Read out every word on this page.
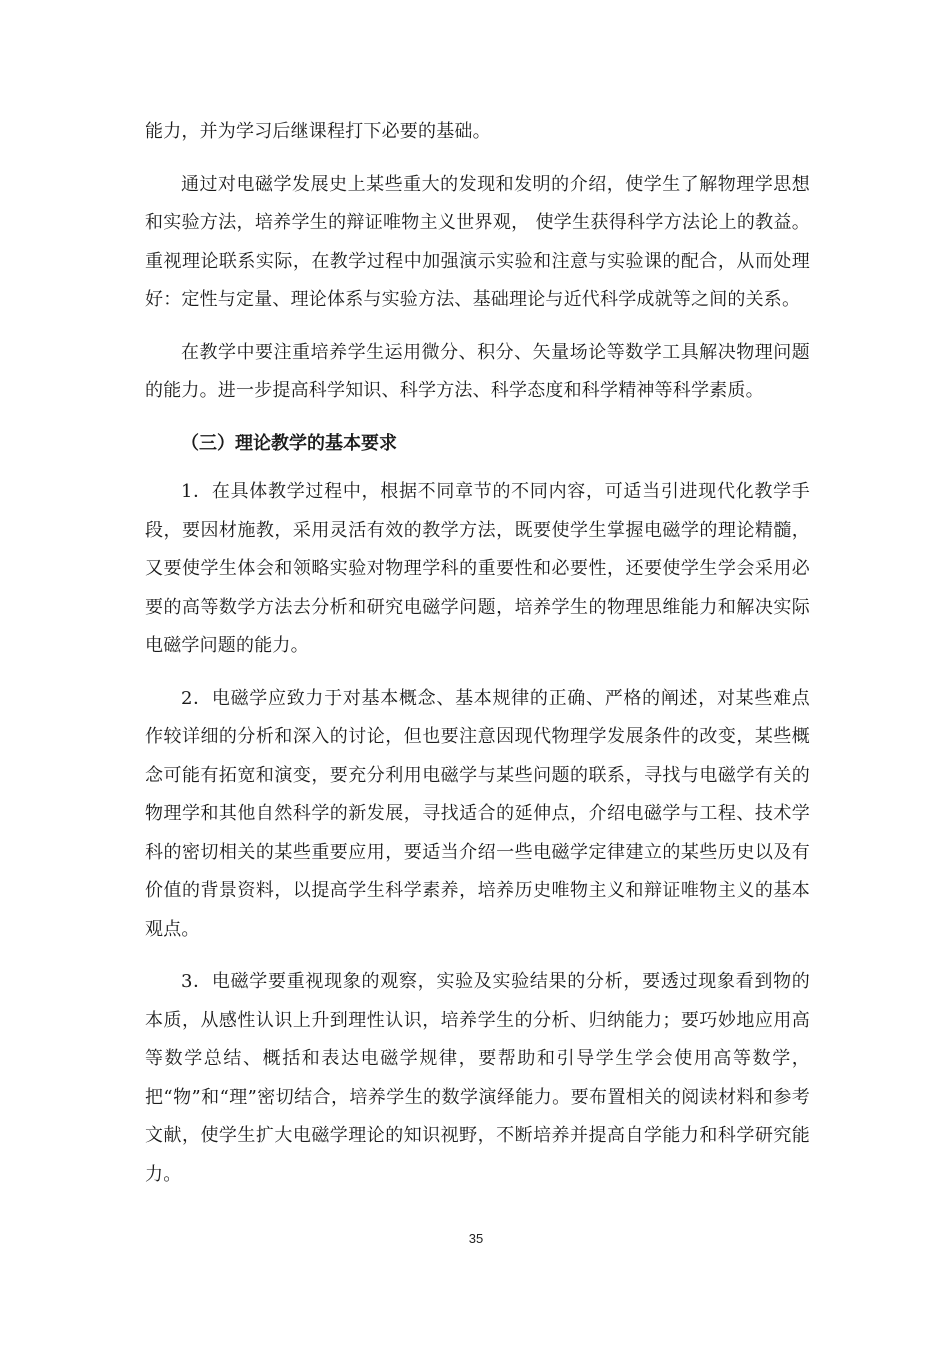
能力，并为学习后继课程打下必要的基础。

通过对电磁学发展史上某些重大的发现和发明的介绍，使学生了解物理学思想和实验方法，培养学生的辩证唯物主义世界观， 使学生获得科学方法论上的教益。重视理论联系实际，在教学过程中加强演示实验和注意与实验课的配合，从而处理好：定性与定量、理论体系与实验方法、基础理论与近代科学成就等之间的关系。

在教学中要注重培养学生运用微分、积分、矢量场论等数学工具解决物理问题的能力。进一步提高科学知识、科学方法、科学态度和科学精神等科学素质。

（三）理论教学的基本要求

1．在具体教学过程中，根据不同章节的不同内容，可适当引进现代化教学手段，要因材施教，采用灵活有效的教学方法，既要使学生掌握电磁学的理论精髓，又要使学生体会和领略实验对物理学科的重要性和必要性，还要使学生学会采用必要的高等数学方法去分析和研究电磁学问题，培养学生的物理思维能力和解决实际电磁学问题的能力。

2．电磁学应致力于对基本概念、基本规律的正确、严格的阐述，对某些难点作较详细的分析和深入的讨论，但也要注意因现代物理学发展条件的改变，某些概念可能有拓宽和演变，要充分利用电磁学与某些问题的联系，寻找与电磁学有关的物理学和其他自然科学的新发展，寻找适合的延伸点，介绍电磁学与工程、技术学科的密切相关的某些重要应用，要适当介绍一些电磁学定律建立的某些历史以及有价值的背景资料，以提高学生科学素养，培养历史唯物主义和辩证唯物主义的基本观点。

3．电磁学要重视现象的观察，实验及实验结果的分析，要透过现象看到物的本质，从感性认识上升到理性认识，培养学生的分析、归纳能力；要巧妙地应用高等数学总结、概括和表达电磁学规律，要帮助和引导学生学会使用高等数学，把“物”和“理”密切结合，培养学生的数学演绎能力。要布置相关的阅读材料和参考文献，使学生扩大电磁学理论的知识视野，不断培养并提高自学能力和科学研究能力。

35
